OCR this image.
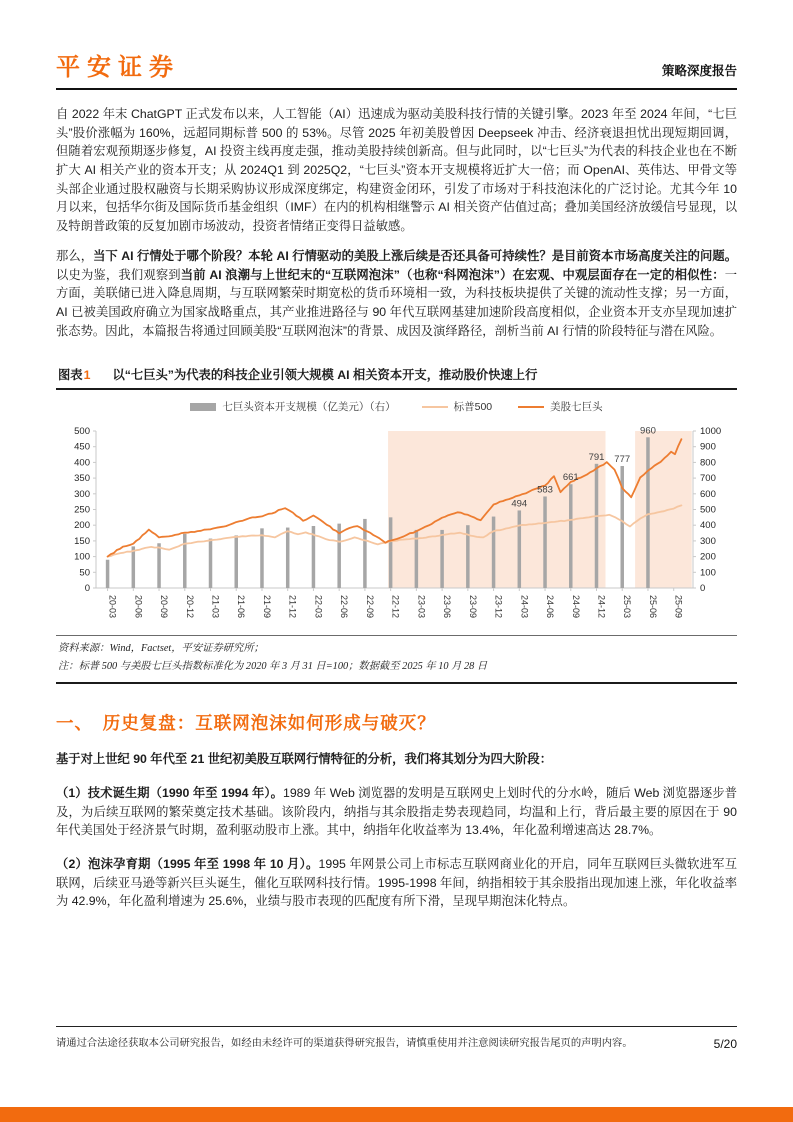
平安证券	策略深度报告

自 2022 年末 ChatGPT 正式发布以来，人工智能（AI）迅速成为驱动美股科技行情的关键引擎。2023 年至 2024 年间，“七巨头”股价涨幅为 160%，远超同期标普 500 的 53%。尽管 2025 年初美股曾因 Deepseek 冲击、经济衰退担忧出现短期回调，但随着宏观预期逐步修复，AI 投资主线再度走强，推动美股持续创新高。但与此同时，以“七巨头”为代表的科技企业也在不断扩大 AI 相关产业的资本开支；从 2024Q1 到 2025Q2，“七巨头”资本开支规模将近扩大一倍；而 OpenAI、英伟达、甲骨文等头部企业通过股权融资与长期采购协议形成深度绑定，构建资金闭环，引发了市场对于科技泡沫化的广泛讨论。尤其今年 10 月以来，包括华尔街及国际货币基金组织（IMF）在内的机构相继警示 AI 相关资产估值过高；叠加美国经济放缓信号显现，以及特朗普政策的反复加剧市场波动，投资者情绪正变得日益敏感。

那么，当下 AI 行情处于哪个阶段？本轮 AI 行情驱动的美股上涨后续是否还具备可持续性？是目前资本市场高度关注的问题。以史为鉴，我们观察到当前 AI 浪潮与上世纪末的“互联网泡沫”（也称“科网泡沫”）在宏观、中观层面存在一定的相似性：一方面，美联储已进入降息周期，与互联网繁荣时期宽松的货币环境相一致，为科技板块提供了关键的流动性支撑；另一方面，AI 已被美国政府确立为国家战略重点，其产业推进路径与 90 年代互联网基建加速阶段高度相似，企业资本开支亦呈现加速扩张态势。因此，本篇报告将通过回顾美股“互联网泡沫”的背景、成因及演绎路径，剖析当前 AI 行情的阶段特征与潜在风险。

图表1 以“七巨头”为代表的科技企业引领大规模 AI 相关资本开支，推动股价快速上行
七巨头资本开支规模（亿美元）（右）	标普500	美股七巨头
0
50
100
150
200
250
300
350
400
450
500
0
100
200
300
400
500
600
700
800
900
1000
20-03 20-06 20-09 20-12 21-03 21-06 21-09 21-12 22-03 22-06 22-09 22-12 23-03 23-06 23-09 23-12 24-03 24-06 24-09 24-12 25-03 25-06 25-09
494
583
661
791 777
960
资料来源：Wind，Factset，平安证券研究所；
注：标普 500 与美股七巨头指数标准化为 2020 年 3 月 31 日=100；数据截至 2025 年 10 月 28 日
一、　历史复盘：互联网泡沫如何形成与破灭？

基于对上世纪 90 年代至 21 世纪初美股互联网行情特征的分析，我们将其划分为四大阶段：

（1）技术诞生期（1990 年至 1994 年）。1989 年 Web 浏览器的发明是互联网史上划时代的分水岭，随后 Web 浏览器逐步普及，为后续互联网的繁荣奠定技术基础。该阶段内，纳指与其余股指走势表现趋同，均温和上行，背后最主要的原因在于 90 年代美国处于经济景气时期，盈利驱动股市上涨。其中，纳指年化收益率为 13.4%，年化盈利增速高达 28.7%。

（2）泡沫孕育期（1995 年至 1998 年 10 月）。1995 年网景公司上市标志互联网商业化的开启，同年互联网巨头微软进军互联网，后续亚马逊等新兴巨头诞生，催化互联网科技行情。1995-1998 年间，纳指相较于其余股指出现加速上涨，年化收益率为 42.9%，年化盈利增速为 25.6%，业绩与股市表现的匹配度有所下滑，呈现早期泡沫化特点。

请通过合法途径获取本公司研究报告，如经由未经许可的渠道获得研究报告，请慎重使用并注意阅读研究报告尾页的声明内容。	5/20
